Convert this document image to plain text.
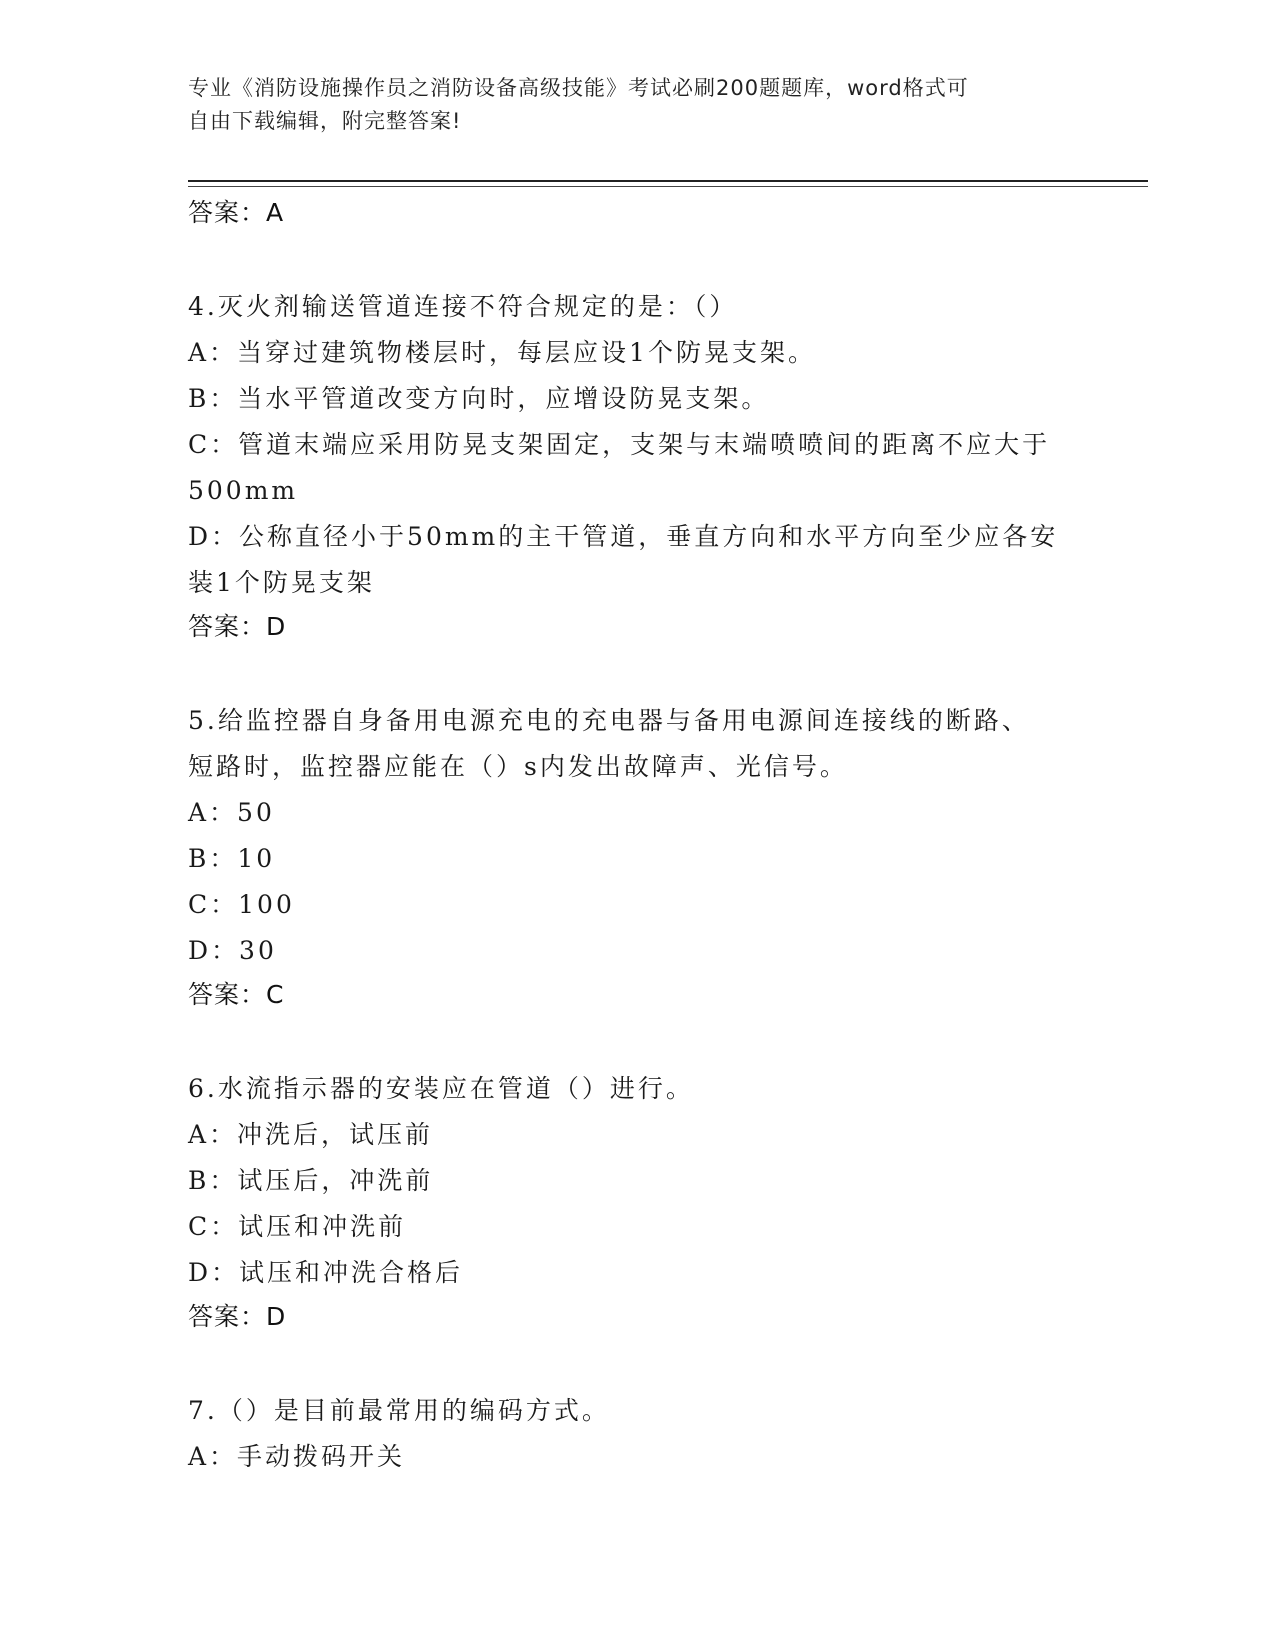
专业《消防设施操作员之消防设备高级技能》考试必刷200题题库，word格式可
自由下载编辑，附完整答案!

答案：A

4.灭火剂输送管道连接不符合规定的是：（）

A：当穿过建筑物楼层时，每层应设1个防晃支架。

B：当水平管道改变方向时，应增设防晃支架。

C：管道末端应采用防晃支架固定，支架与末端喷喷间的距离不应大于

500mm

D：公称直径小于50mm的主干管道，垂直方向和水平方向至少应各安

装1个防晃支架

答案：D

5.给监控器自身备用电源充电的充电器与备用电源间连接线的断路、

短路时，监控器应能在（）s内发出故障声、光信号。

A：50

B：10

C：100

D：30

答案：C

6.水流指示器的安装应在管道（）进行。

A：冲洗后，试压前

B：试压后，冲洗前

C：试压和冲洗前

D：试压和冲洗合格后

答案：D

7.（）是目前最常用的编码方式。

A：手动拨码开关
